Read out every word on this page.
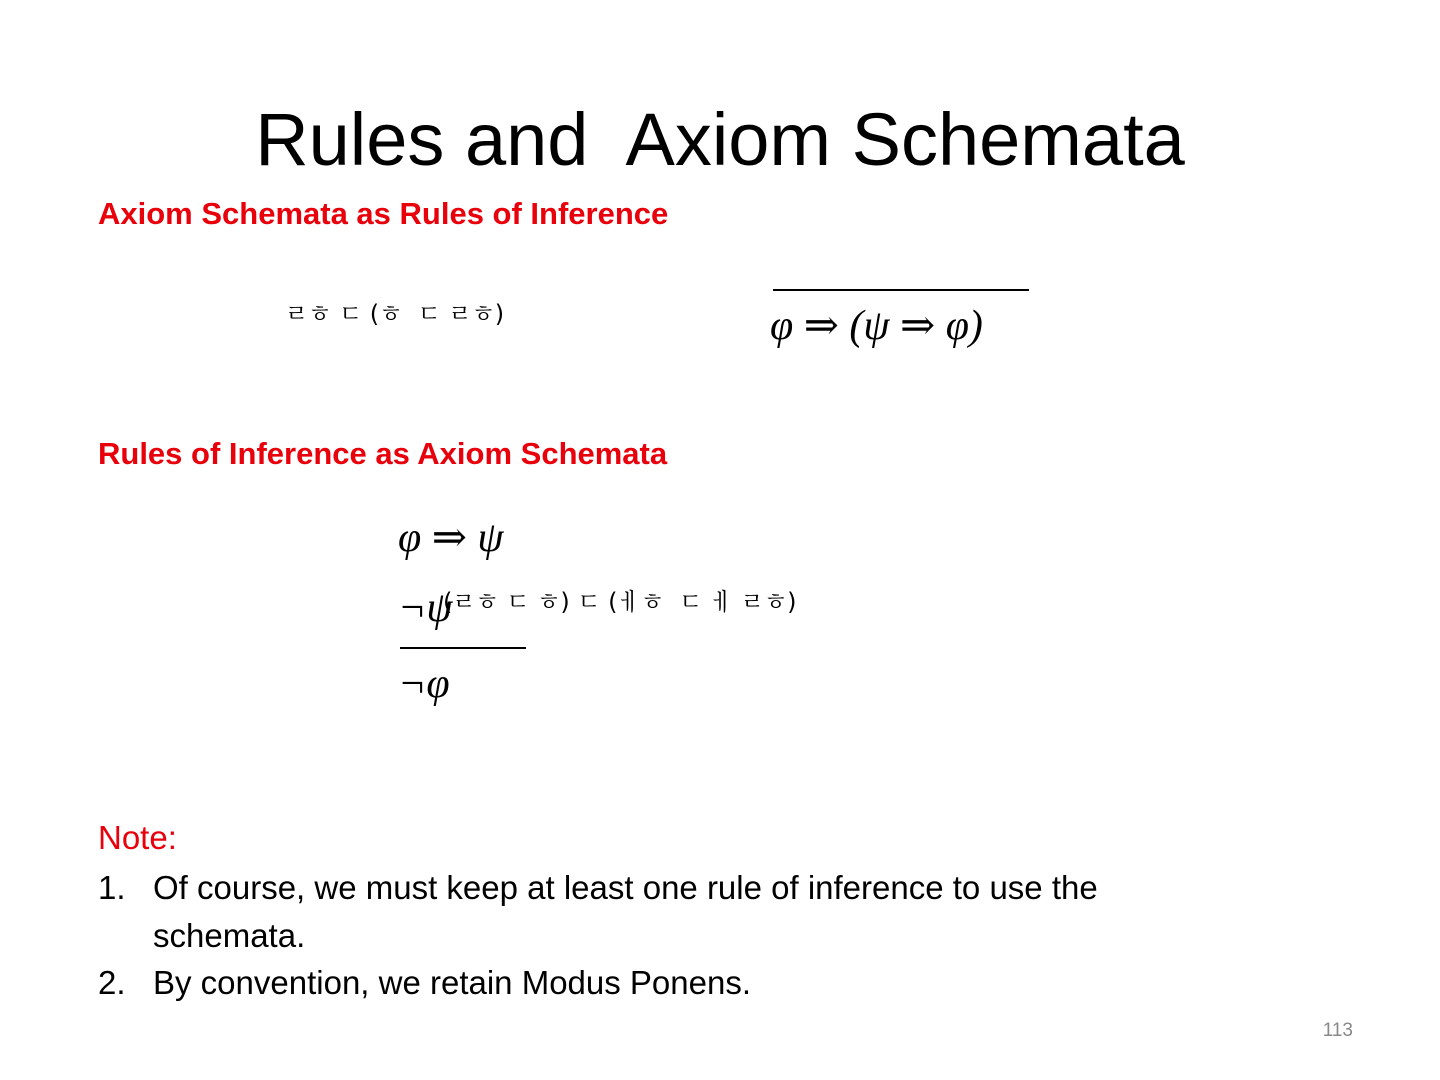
Rules and  Axiom Schemata
Axiom Schemata as Rules of Inference
ㄹㅎ ㄷ (ㅎ  ㄷ ㄹㅎ)	φ ⇒ (ψ ⇒ φ)
Rules of Inference as Axiom Schemata
φ ⇒ ψ
¬ψ
(ㄹㅎ ㄷ ㅎ) ㄷ (ㅔㅎ  ㄷ ㅔ ㄹㅎ)
¬φ
Note:
1. Of course, we must keep at least one rule of inference to use the schemata.
2. By convention, we retain Modus Ponens.
113
